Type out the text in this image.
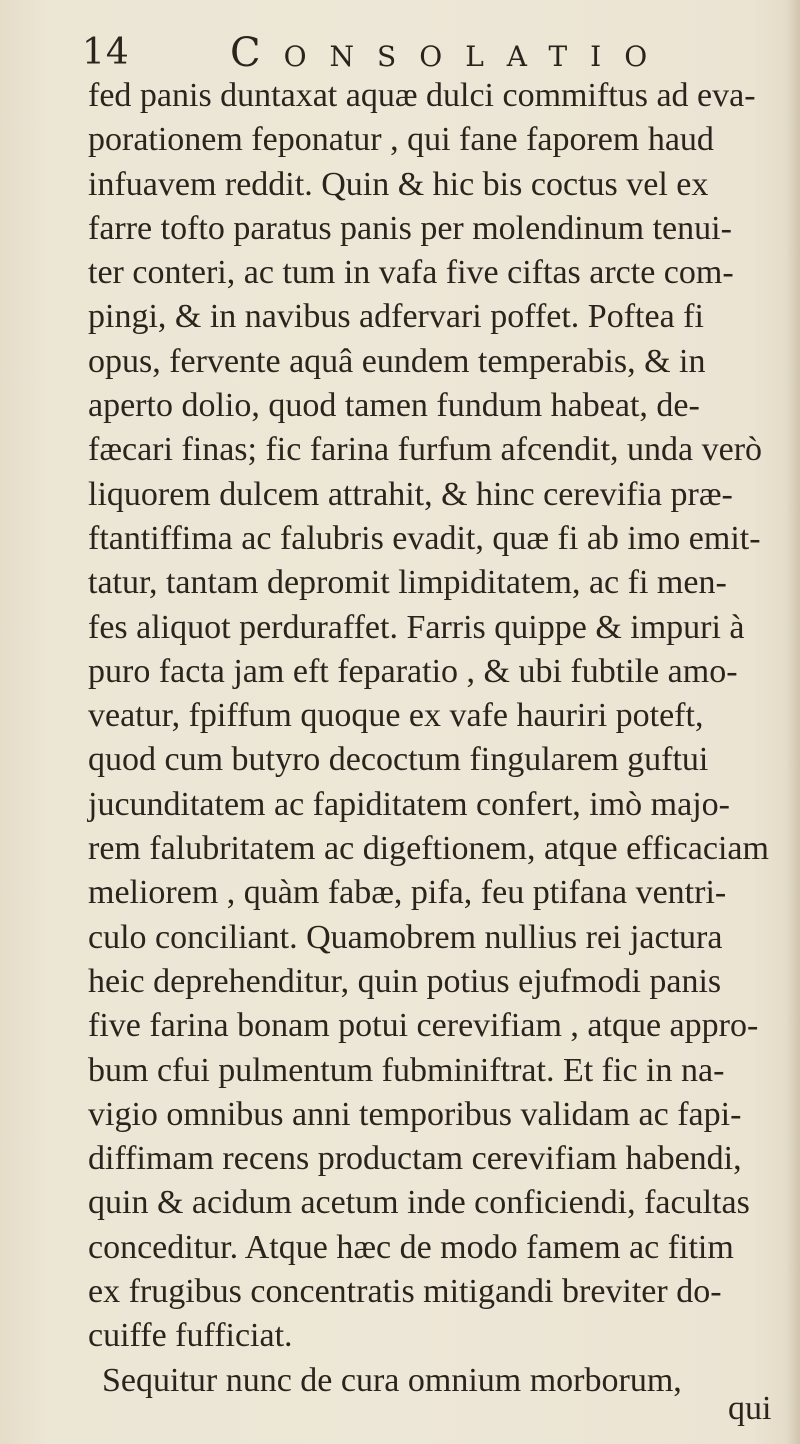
14	Consolatio
fed panis duntaxat aquæ dulci commiftus ad eva-
porationem feponatur , qui fane faporem haud
infuavem reddit. Quin & hic bis coctus vel ex
farre tofto paratus panis per molendinum tenui-
ter conteri, ac tum in vafa five ciftas arcte com-
pingi, & in navibus adfervari poffet. Poftea fi
opus, fervente aquâ eundem temperabis, & in
aperto dolio, quod tamen fundum habeat, de-
fæcari finas; fic farina furfum afcendit, unda verò
liquorem dulcem attrahit, & hinc cerevifia præ-
ftantiffima ac falubris evadit, quæ fi ab imo emit-
tatur, tantam depromit limpiditatem, ac fi men-
fes aliquot perduraffet. Farris quippe & impuri à
puro facta jam eft feparatio , & ubi fubtile amo-
veatur, fpiffum quoque ex vafe hauriri poteft,
quod cum butyro decoctum fingularem guftui
jucunditatem ac fapiditatem confert, imò majo-
rem falubritatem ac digeftionem, atque efficaciam
meliorem , quàm fabæ, pifa, feu ptifana ventri-
culo conciliant. Quamobrem nullius rei jactura
heic deprehenditur, quin potius ejufmodi panis
five farina bonam potui cerevifiam , atque appro-
bum cfui pulmentum fubminiftrat. Et fic in na-
vigio omnibus anni temporibus validam ac fapi-
diffimam recens productam cerevifiam habendi,
quin & acidum acetum inde conficiendi, facultas
conceditur. Atque hæc de modo famem ac fitim
ex frugibus concentratis mitigandi breviter do-
cuiffe fufficiat.
Sequitur nunc de cura omnium morborum,
qui
